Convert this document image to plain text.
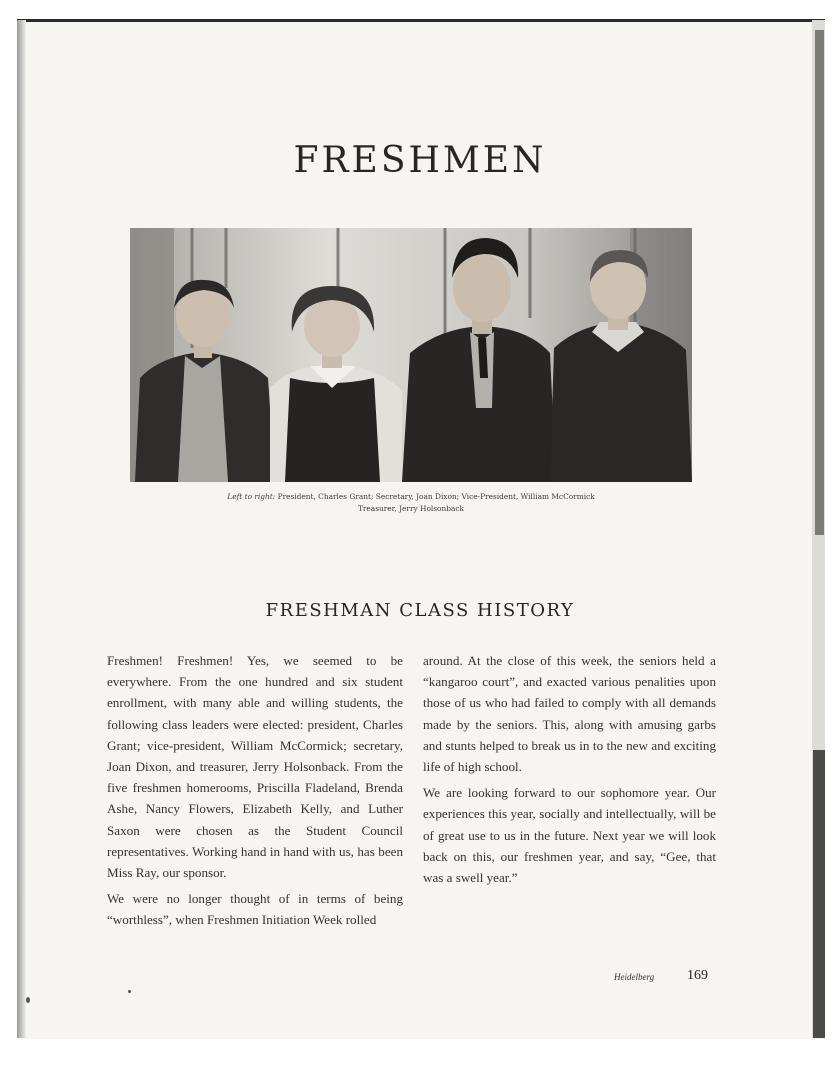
FRESHMEN

Left to right: President, Charles Grant; Secretary, Joan Dixon; Vice-President, William McCormick
Treasurer, Jerry Holsonback

FRESHMAN CLASS HISTORY

Freshmen! Freshmen! Yes, we seemed to be everywhere. From the one hundred and six student enrollment, with many able and willing students, the following class leaders were elected: president, Charles Grant; vice-president, William McCormick; secretary, Joan Dixon, and treasurer, Jerry Holsonback. From the five freshmen homerooms, Priscilla Fladeland, Brenda Ashe, Nancy Flowers, Elizabeth Kelly, and Luther Saxon were chosen as the Student Council representatives. Working hand in hand with us, has been Miss Ray, our sponsor.

We were no longer thought of in terms of being “worthless”, when Freshmen Initiation Week rolled

around. At the close of this week, the seniors held a “kangaroo court”, and exacted various penalities upon those of us who had failed to comply with all demands made by the seniors. This, along with amusing garbs and stunts helped to break us in to the new and exciting life of high school.

We are looking forward to our sophomore year. Our experiences this year, socially and intellectually, will be of great use to us in the future. Next year we will look back on this, our freshmen year, and say, “Gee, that was a swell year.”

Heidelberg 169
